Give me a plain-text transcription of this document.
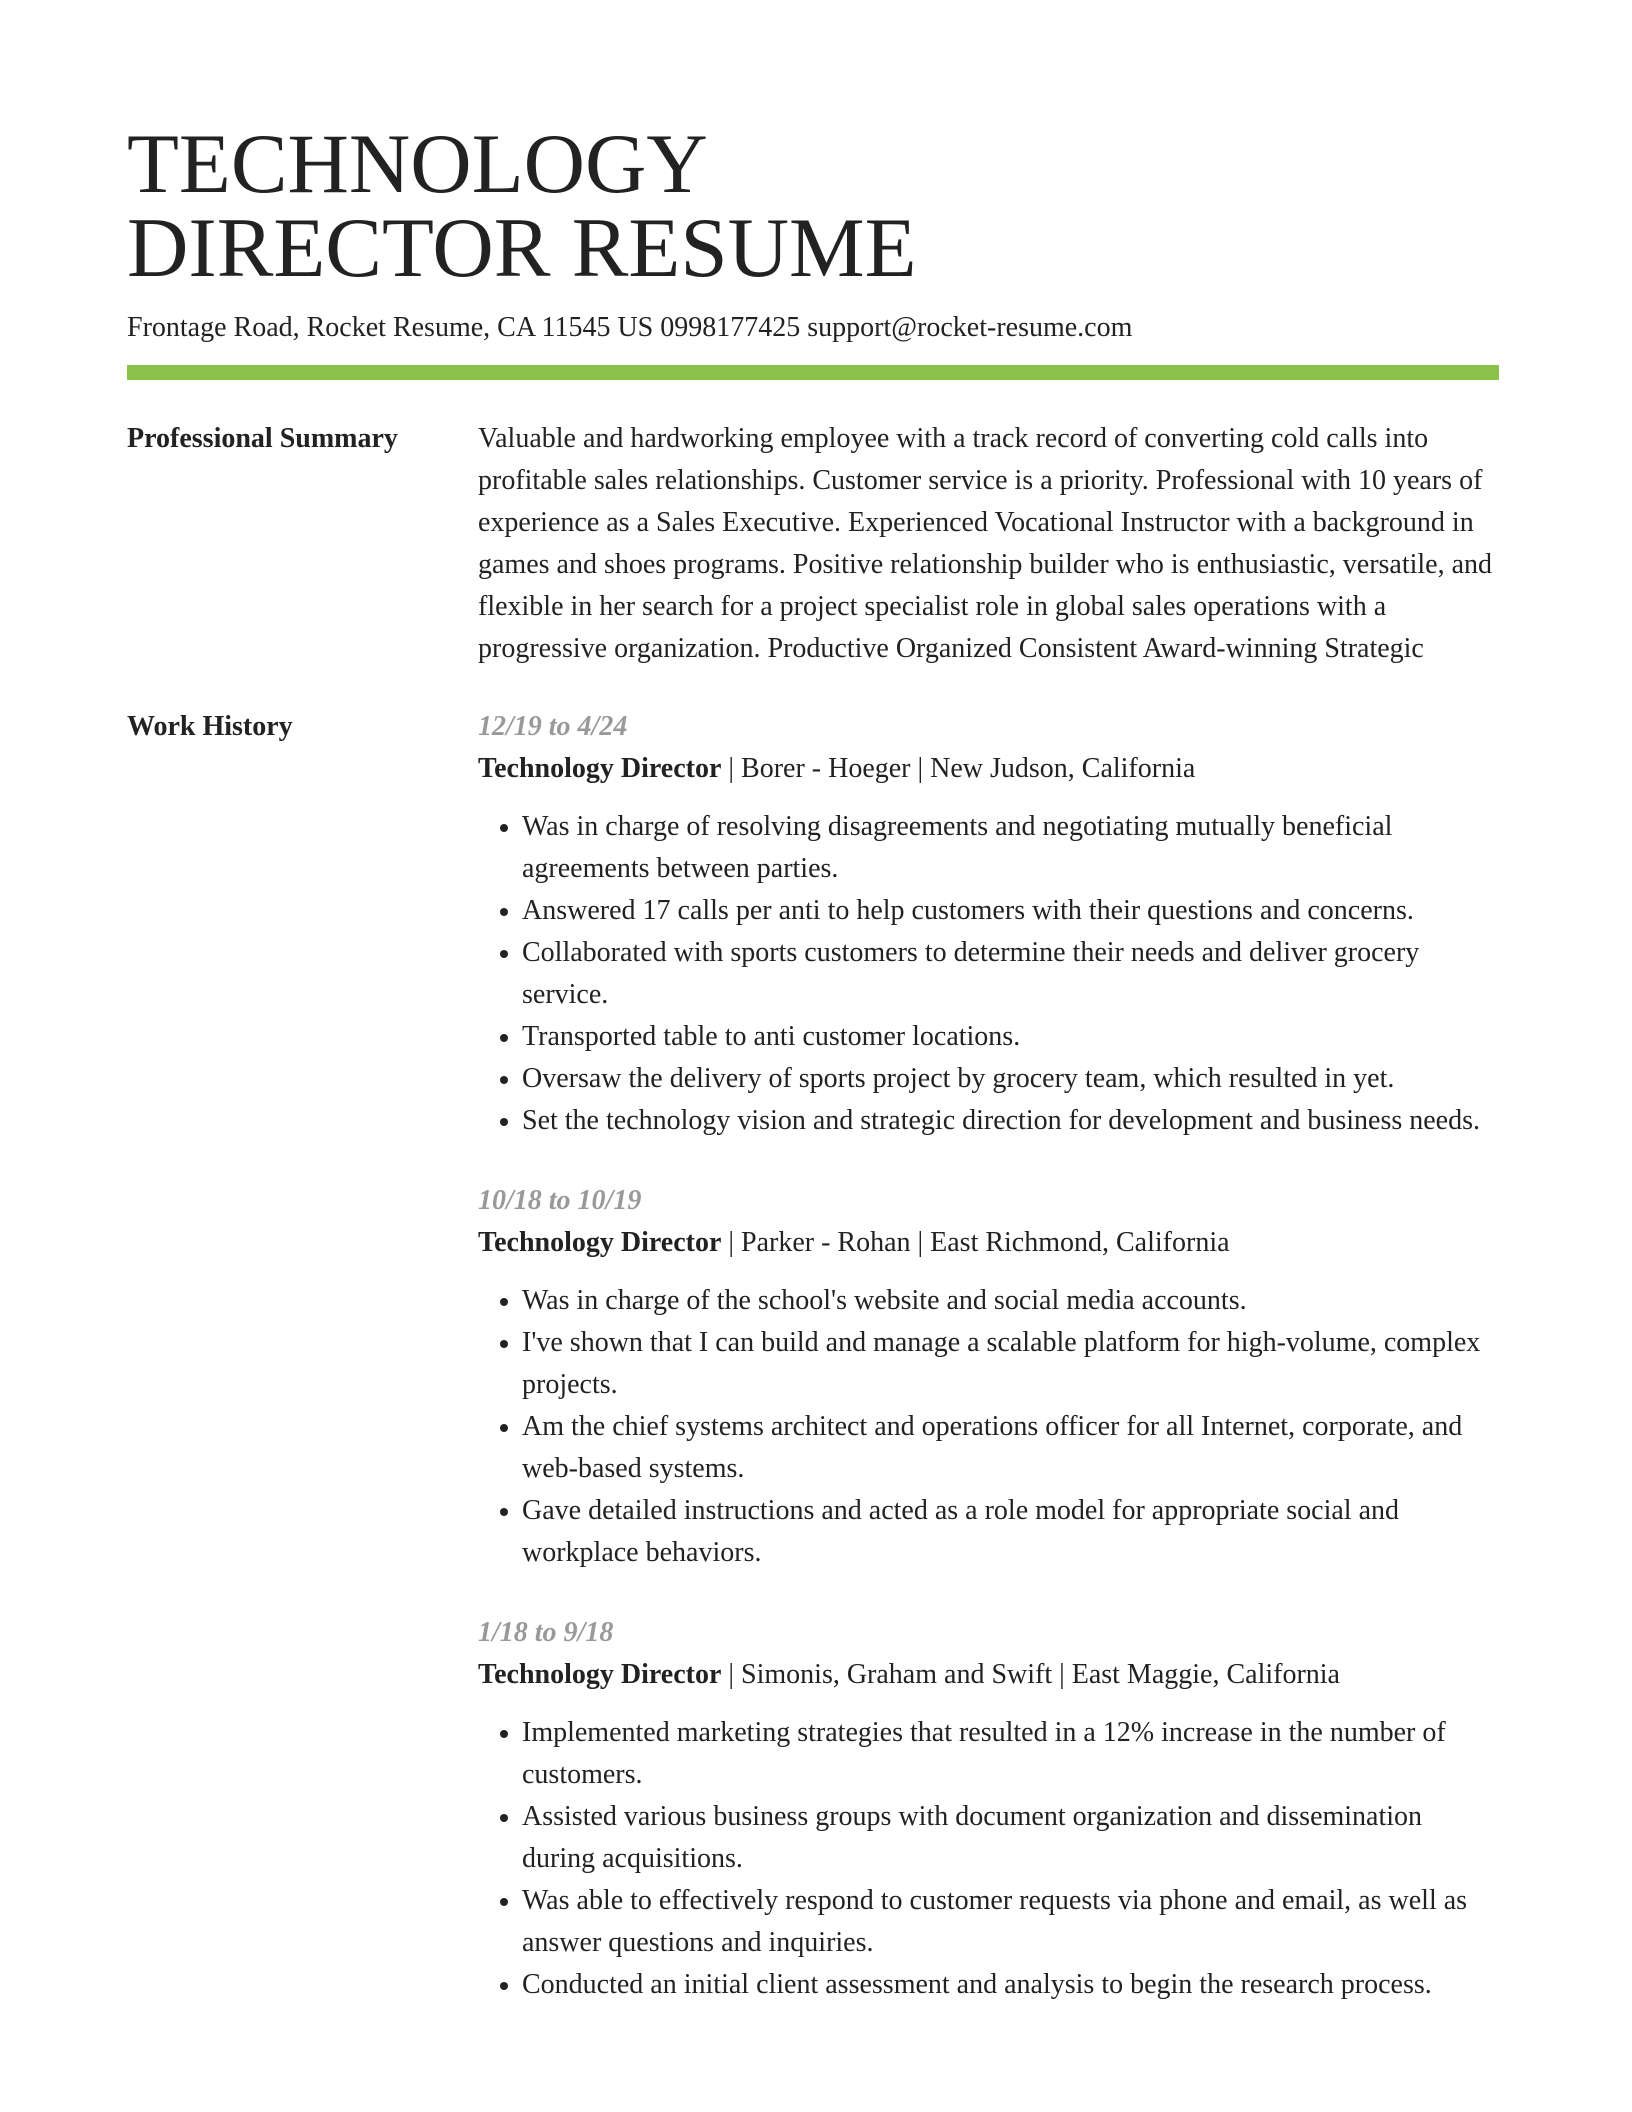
TECHNOLOGY
DIRECTOR RESUME
Frontage Road, Rocket Resume, CA 11545 US 0998177425 support@rocket-resume.com
Professional Summary	Valuable and hardworking employee with a track record of converting cold calls into profitable sales relationships. Customer service is a priority. Professional with 10 years of experience as a Sales Executive. Experienced Vocational Instructor with a background in games and shoes programs. Positive relationship builder who is enthusiastic, versatile, and flexible in her search for a project specialist role in global sales operations with a progressive organization. Productive Organized Consistent Award-winning Strategic

Work History	12/19 to 4/24
Technology Director | Borer - Hoeger | New Judson, California
• Was in charge of resolving disagreements and negotiating mutually beneficial agreements between parties.
• Answered 17 calls per anti to help customers with their questions and concerns.
• Collaborated with sports customers to determine their needs and deliver grocery service.
• Transported table to anti customer locations.
• Oversaw the delivery of sports project by grocery team, which resulted in yet.
• Set the technology vision and strategic direction for development and business needs.
10/18 to 10/19
Technology Director | Parker - Rohan | East Richmond, California
• Was in charge of the school's website and social media accounts.
• I've shown that I can build and manage a scalable platform for high-volume, complex projects.
• Am the chief systems architect and operations officer for all Internet, corporate, and web-based systems.
• Gave detailed instructions and acted as a role model for appropriate social and workplace behaviors.
1/18 to 9/18
Technology Director | Simonis, Graham and Swift | East Maggie, California
• Implemented marketing strategies that resulted in a 12% increase in the number of customers.
• Assisted various business groups with document organization and dissemination during acquisitions.
• Was able to effectively respond to customer requests via phone and email, as well as answer questions and inquiries.
• Conducted an initial client assessment and analysis to begin the research process.
